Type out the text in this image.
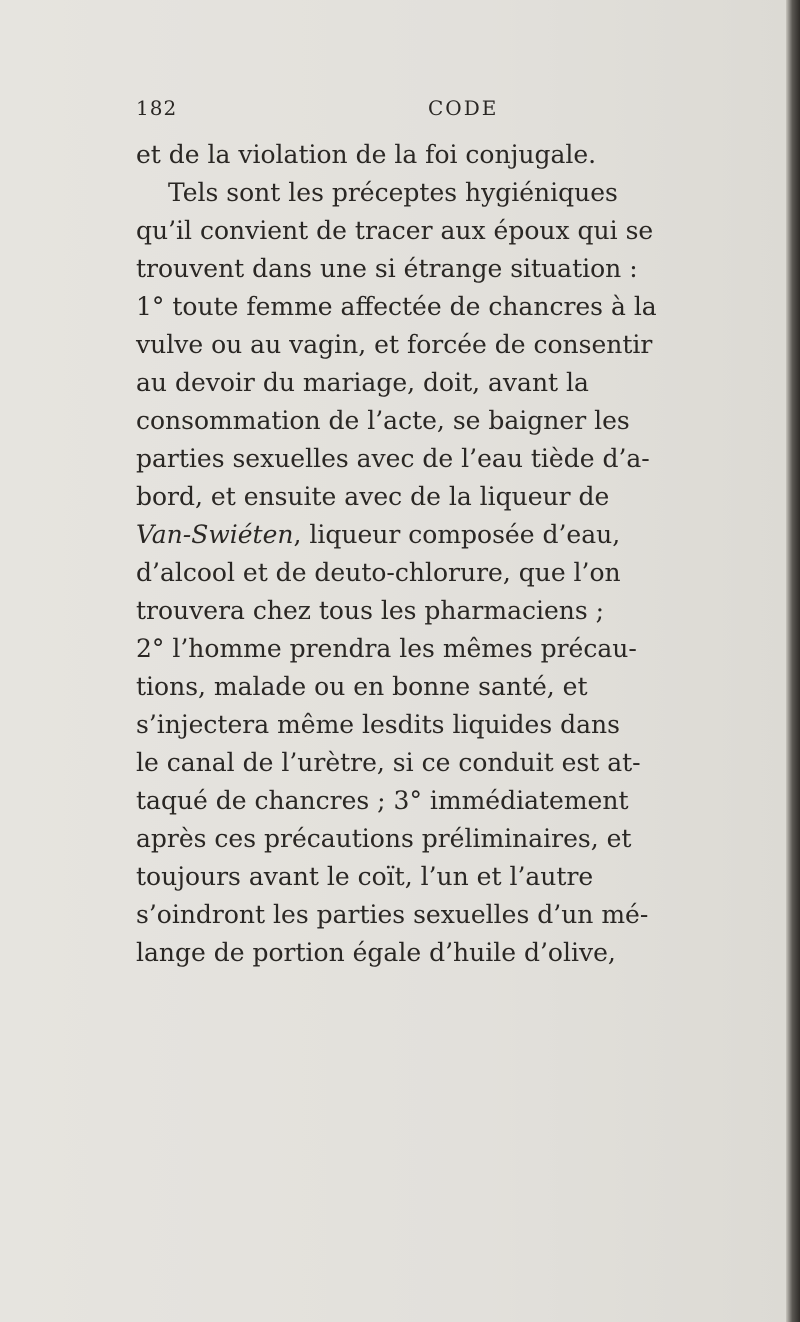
182	CODE
et de la violation de la foi conjugale.
Tels sont les préceptes hygiéniques
qu’il convient de tracer aux époux qui se
trouvent dans une si étrange situation :
1° toute femme affectée de chancres à la
vulve ou au vagin, et forcée de consentir
au devoir du mariage, doit, avant la
consommation de l’acte, se baigner les
parties sexuelles avec de l’eau tiède d’a-
bord, et ensuite avec de la liqueur de
Van-Swiéten, liqueur composée d’eau,
d’alcool et de deuto-chlorure, que l’on
trouvera chez tous les pharmaciens ;
2° l’homme prendra les mêmes précau-
tions, malade ou en bonne santé, et
s’injectera même lesdits liquides dans
le canal de l’urètre, si ce conduit est at-
taqué de chancres ; 3° immédiatement
après ces précautions préliminaires, et
toujours avant le coït, l’un et l’autre
s’oindront les parties sexuelles d’un mé-
lange de portion égale d’huile d’olive,
